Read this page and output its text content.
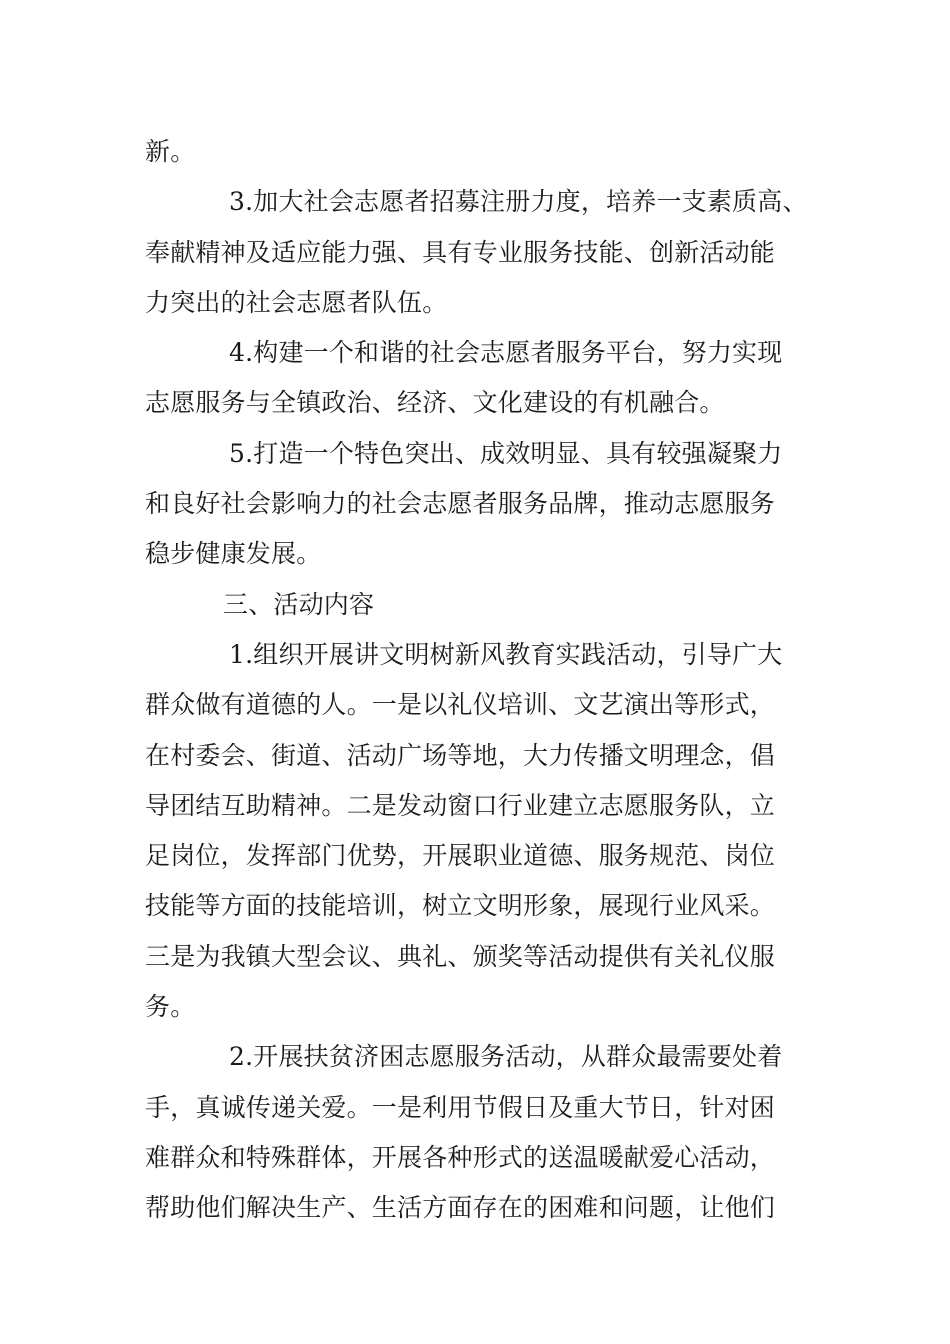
新。

3.加大社会志愿者招募注册力度，培养一支素质高、

奉献精神及适应能力强、具有专业服务技能、创新活动能

力突出的社会志愿者队伍。

4.构建一个和谐的社会志愿者服务平台，努力实现

志愿服务与全镇政治、经济、文化建设的有机融合。

5.打造一个特色突出、成效明显、具有较强凝聚力

和良好社会影响力的社会志愿者服务品牌，推动志愿服务

稳步健康发展。

三、活动内容

1.组织开展讲文明树新风教育实践活动，引导广大

群众做有道德的人。一是以礼仪培训、文艺演出等形式，

在村委会、街道、活动广场等地，大力传播文明理念，倡

导团结互助精神。二是发动窗口行业建立志愿服务队，立

足岗位，发挥部门优势，开展职业道德、服务规范、岗位

技能等方面的技能培训，树立文明形象，展现行业风采。

三是为我镇大型会议、典礼、颁奖等活动提供有关礼仪服

务。

2.开展扶贫济困志愿服务活动，从群众最需要处着

手，真诚传递关爱。一是利用节假日及重大节日，针对困

难群众和特殊群体，开展各种形式的送温暖献爱心活动，

帮助他们解决生产、生活方面存在的困难和问题，让他们
